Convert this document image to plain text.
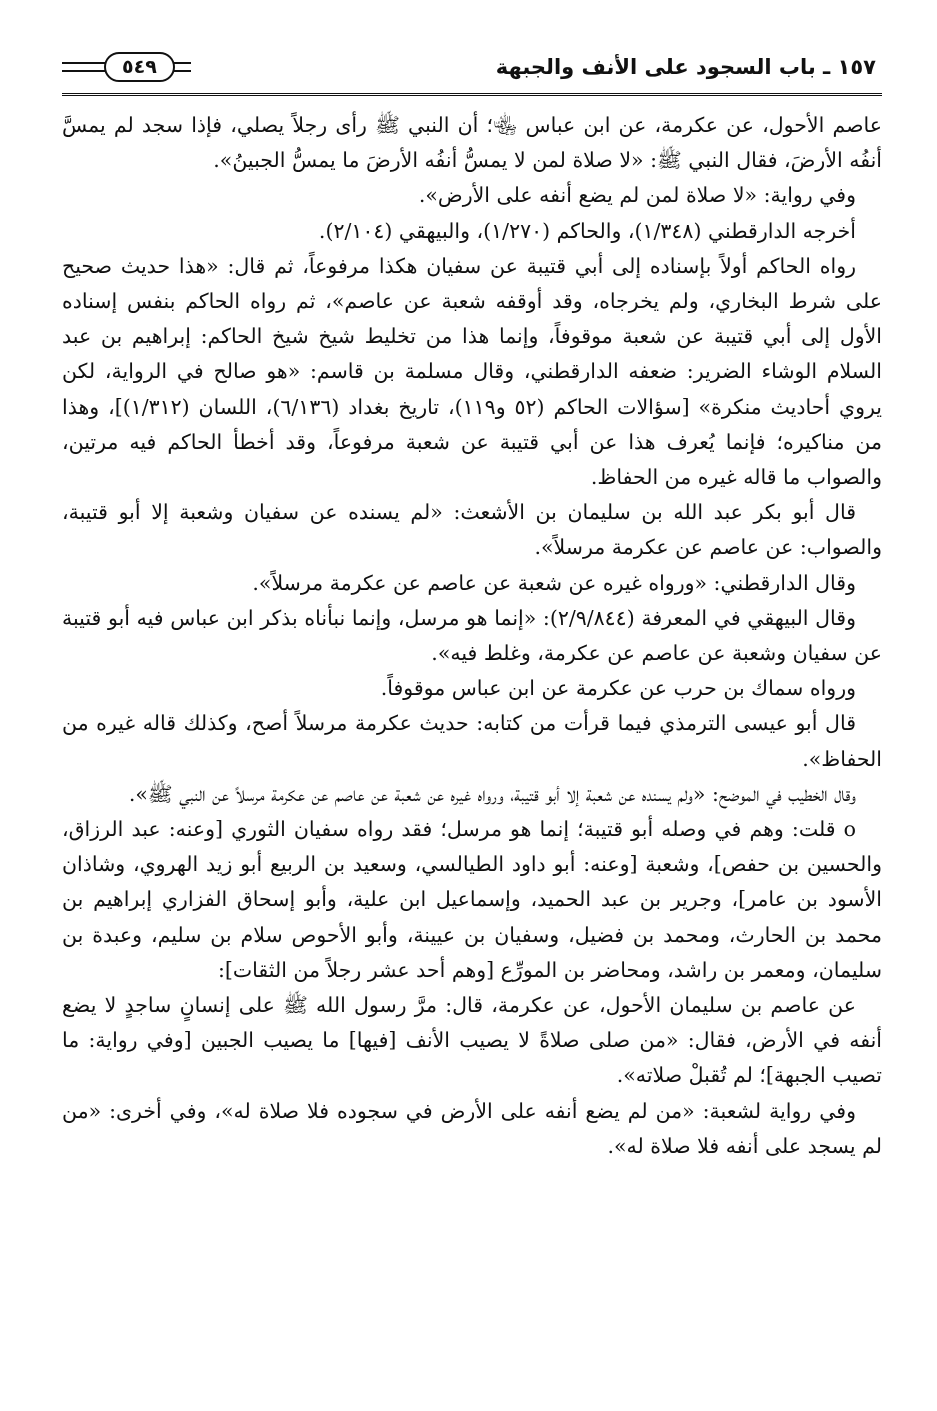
١٥٧ ـ باب السجود على الأنف والجبهة
٥٤٩

عاصم الأحول، عن عكرمة، عن ابن عباس ﵄؛ أن النبي ﷺ رأى رجلاً يصلي، فإذا سجد لم يمسَّ أنفُه الأرضَ، فقال النبي ﷺ: «لا صلاة لمن لا يمسُّ أنفُه الأرضَ ما يمسُّ الجبينُ».

وفي رواية: «لا صلاة لمن لم يضع أنفه على الأرض».

أخرجه الدارقطني (١/٣٤٨)، والحاكم (١/٢٧٠)، والبيهقي (٢/١٠٤).

رواه الحاكم أولاً بإسناده إلى أبي قتيبة عن سفيان هكذا مرفوعاً، ثم قال: «هذا حديث صحيح على شرط البخاري، ولم يخرجاه، وقد أوقفه شعبة عن عاصم»، ثم رواه الحاكم بنفس إسناده الأول إلى أبي قتيبة عن شعبة موقوفاً، وإنما هذا من تخليط شيخ شيخ الحاكم: إبراهيم بن عبد السلام الوشاء الضرير: ضعفه الدارقطني، وقال مسلمة بن قاسم: «هو صالح في الرواية، لكن يروي أحاديث منكرة» [سؤالات الحاكم (٥٢ و١١٩)، تاريخ بغداد (٦/١٣٦)، اللسان (١/٣١٢)]، وهذا من مناكيره؛ فإنما يُعرف هذا عن أبي قتيبة عن شعبة مرفوعاً، وقد أخطأ الحاكم فيه مرتين، والصواب ما قاله غيره من الحفاظ.

قال أبو بكر عبد الله بن سليمان بن الأشعث: «لم يسنده عن سفيان وشعبة إلا أبو قتيبة، والصواب: عن عاصم عن عكرمة مرسلاً».

وقال الدارقطني: «ورواه غيره عن شعبة عن عاصم عن عكرمة مرسلاً».

وقال البيهقي في المعرفة (٢/٩/٨٤٤): «إنما هو مرسل، وإنما نبأناه بذكر ابن عباس فيه أبو قتيبة عن سفيان وشعبة عن عاصم عن عكرمة، وغلط فيه».

ورواه سماك بن حرب عن عكرمة عن ابن عباس موقوفاً.

قال أبو عيسى الترمذي فيما قرأت من كتابه: حديث عكرمة مرسلاً أصح، وكذلك قاله غيره من الحفاظ».

وقال الخطيب في الموضح: «ولم يسنده عن شعبة إلا أبو قتيبة، ورواه غيره عن شعبة عن عاصم عن عكرمة مرسلاً عن النبي ﷺ».

o قلت: وهم في وصله أبو قتيبة؛ إنما هو مرسل؛ فقد رواه سفيان الثوري [وعنه: عبد الرزاق، والحسين بن حفص]، وشعبة [وعنه: أبو داود الطيالسي، وسعيد بن الربيع أبو زيد الهروي، وشاذان الأسود بن عامر]، وجرير بن عبد الحميد، وإسماعيل ابن علية، وأبو إسحاق الفزاري إبراهيم بن محمد بن الحارث، ومحمد بن فضيل، وسفيان بن عيينة، وأبو الأحوص سلام بن سليم، وعبدة بن سليمان، ومعمر بن راشد، ومحاضر بن المورِّع [وهم أحد عشر رجلاً من الثقات]:

عن عاصم بن سليمان الأحول، عن عكرمة، قال: مرَّ رسول الله ﷺ على إنسانٍ ساجدٍ لا يضع أنفه في الأرض، فقال: «من صلى صلاةً لا يصيب الأنف [فيها] ما يصيب الجبين [وفي رواية: ما تصيب الجبهة]؛ لم تُقبلْ صلاته».

وفي رواية لشعبة: «من لم يضع أنفه على الأرض في سجوده فلا صلاة له»، وفي أخرى: «من لم يسجد على أنفه فلا صلاة له».
